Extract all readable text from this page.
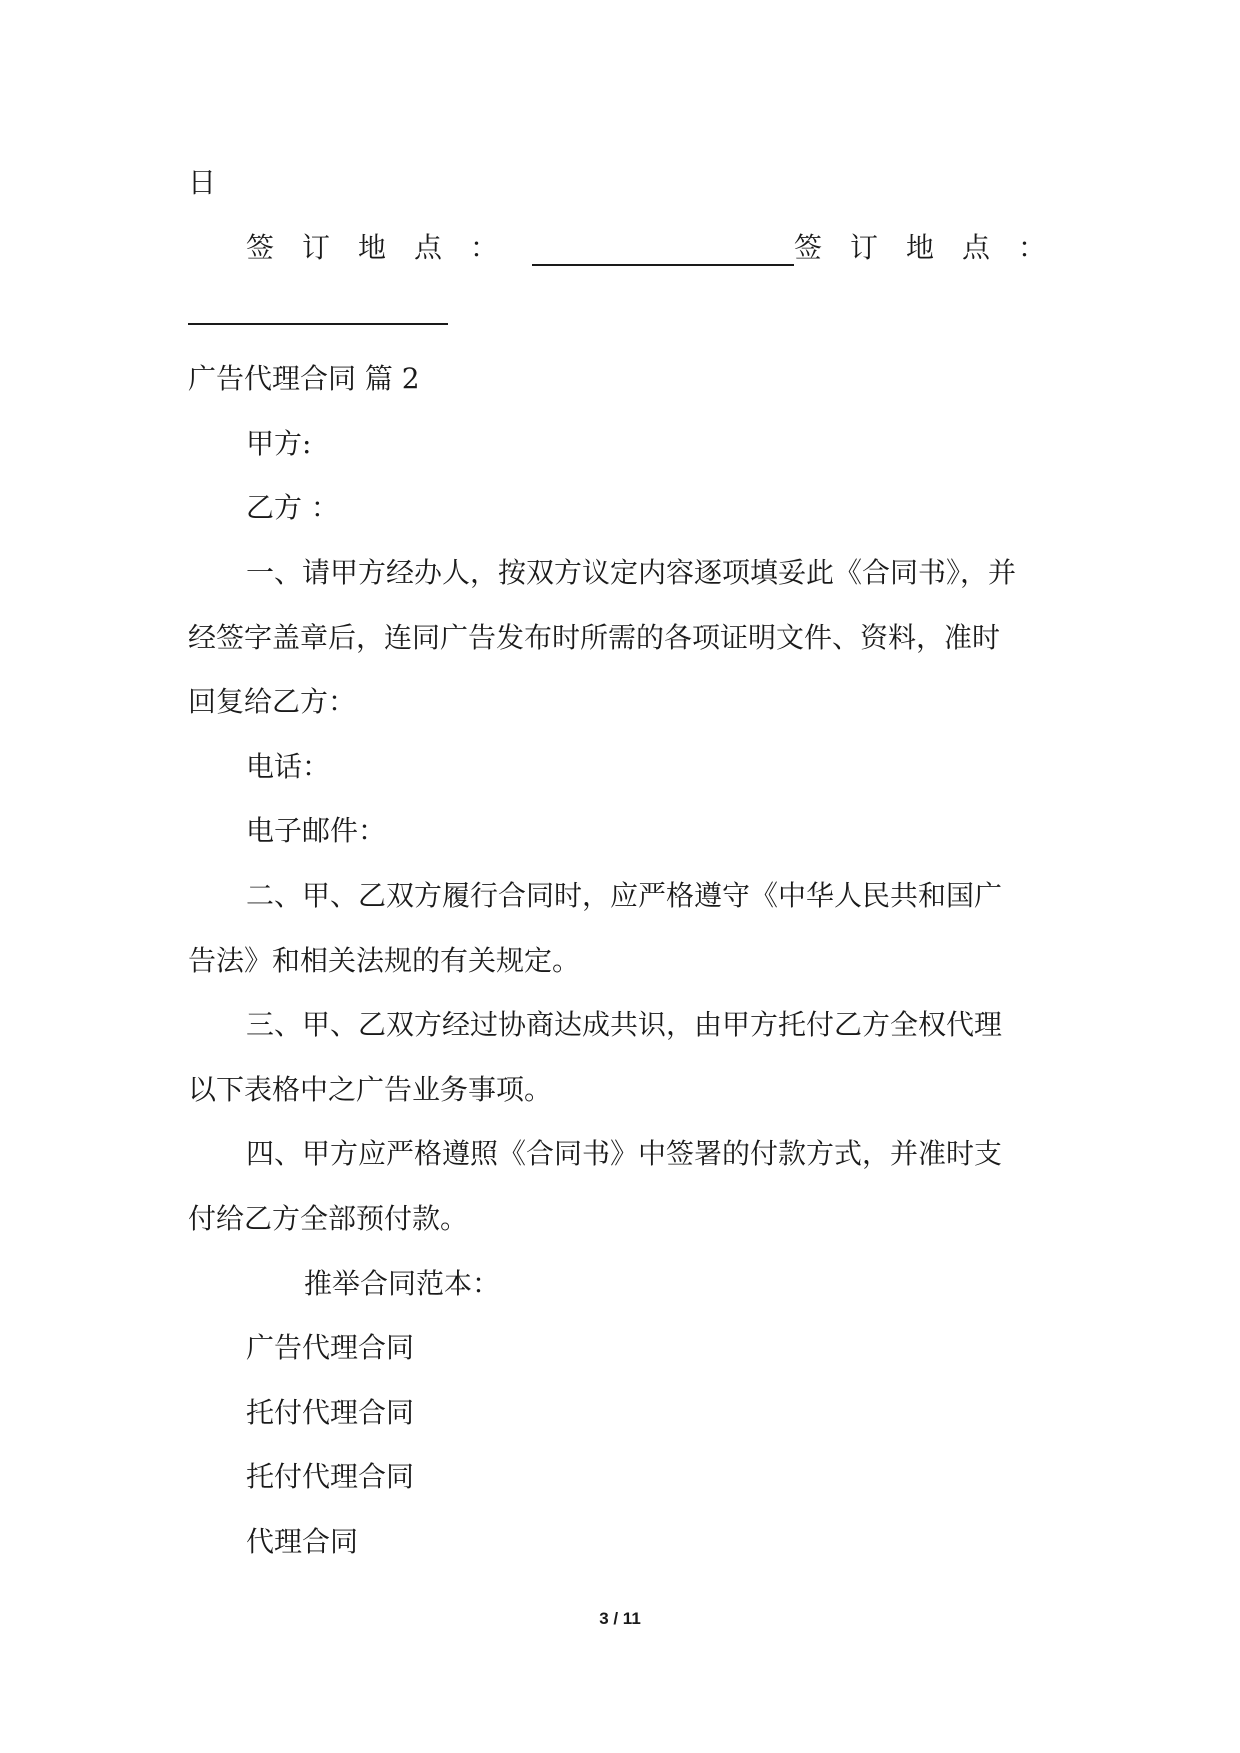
日
签订地点：	签订地点：
广告代理合同 篇 2
甲方:
乙方 ：
一、请甲方经办人，按双方议定内容逐项填妥此《合同书》，并
经签字盖章后，连同广告发布时所需的各项证明文件、资料，准时
回复给乙方：
电话：
电子邮件：
二、甲、乙双方履行合同时，应严格遵守《中华人民共和国广
告法》和相关法规的有关规定。
三、甲、乙双方经过协商达成共识，由甲方托付乙方全权代理
以下表格中之广告业务事项。
四、甲方应严格遵照《合同书》中签署的付款方式，并准时支
付给乙方全部预付款。
推举合同范本：
广告代理合同
托付代理合同
托付代理合同
代理合同
3 / 11
